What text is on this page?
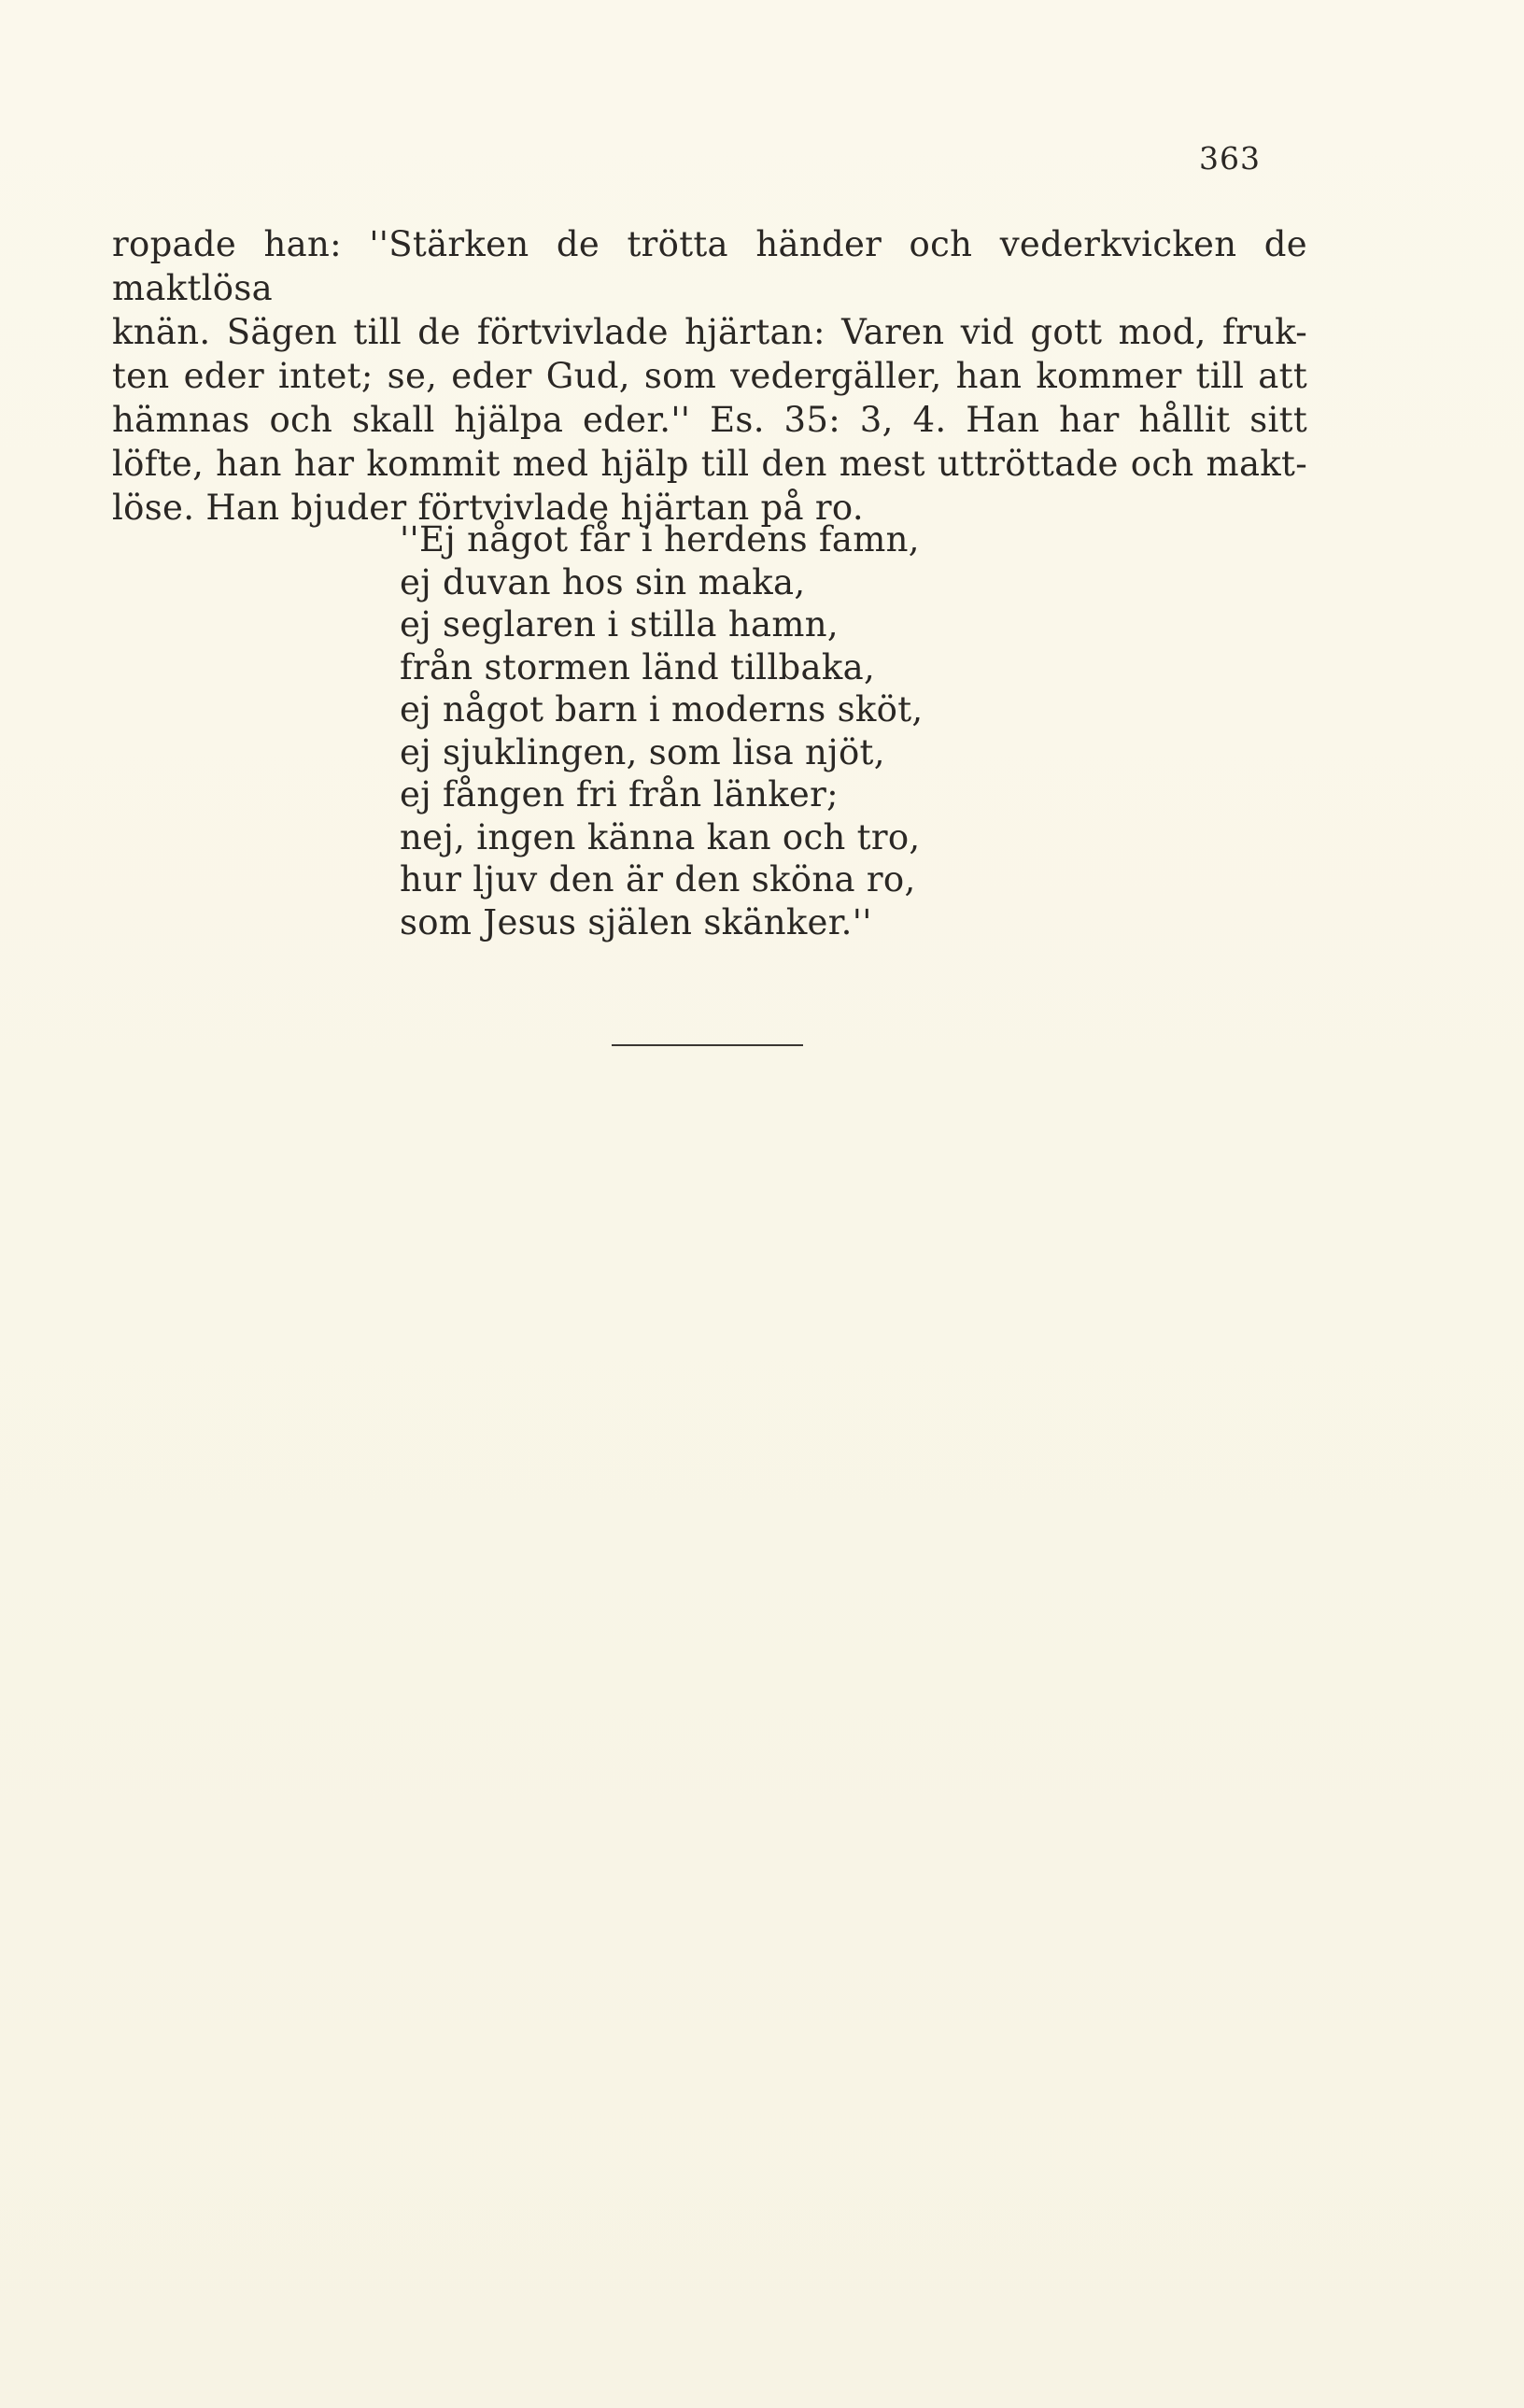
363

ropade han: ''Stärken de trötta händer och vederkvicken de maktlösa
knän. Sägen till de förtvivlade hjärtan: Varen vid gott mod, fruk-
ten eder intet; se, eder Gud, som vedergäller, han kommer till att
hämnas och skall hjälpa eder.'' Es. 35: 3, 4. Han har hållit sitt
löfte, han har kommit med hjälp till den mest uttröttade och makt-
löse. Han bjuder förtvivlade hjärtan på ro.

''Ej något får i herdens famn,
ej duvan hos sin maka,
ej seglaren i stilla hamn,
från stormen länd tillbaka,
ej något barn i moderns sköt,
ej sjuklingen, som lisa njöt,
ej fången fri från länker;
nej, ingen känna kan och tro,
hur ljuv den är den sköna ro,
som Jesus själen skänker.''
